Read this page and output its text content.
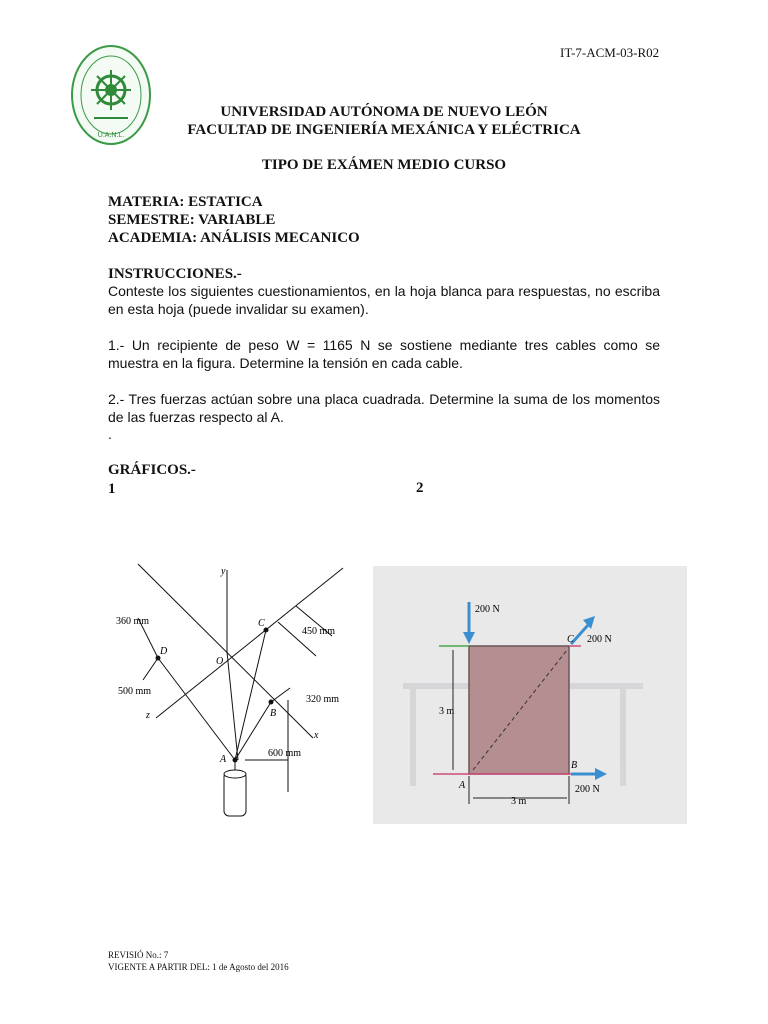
IT-7-ACM-03-R02
U.A.N.L.
UNIVERSIDAD AUTÓNOMA DE NUEVO LEÓN
FACULTAD DE INGENIERÍA MEXÁNICA Y ELÉCTRICA
TIPO DE EXÁMEN MEDIO CURSO
MATERIA: ESTATICA
SEMESTRE: VARIABLE
ACADEMIA: ANÁLISIS MECANICO
INSTRUCCIONES.-
Conteste los siguientes cuestionamientos, en la hoja blanca para respuestas, no escriba en esta hoja (puede invalidar su examen).
1.- Un recipiente de peso W = 1165 N se sostiene mediante tres cables como se muestra en la figura. Determine la tensión en cada cable.
2.- Tres fuerzas actúan sobre una placa cuadrada. Determine la suma de los momentos de las fuerzas respecto al A.
.
GRÁFICOS.-
1	2
y
x
z
O
A
B
C
D
360 mm
450 mm
500 mm
320 mm
600 mm
200 N
200 N
200 N
3 m
3 m
A
B
C
REVISIÓ No.: 7
VIGENTE A PARTIR DEL: 1 de Agosto del 2016
